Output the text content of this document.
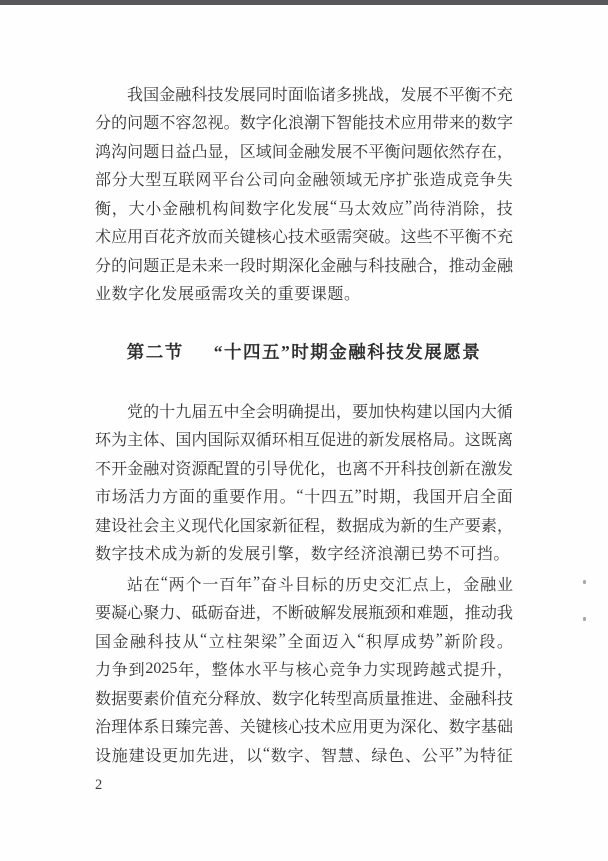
第二节 “十四五”时期金融科技发展愿景
我 国 金 融 科 技 发 展 同 时 面 临 诸 多 挑 战 ， 发 展 不 平 衡 不 充
分 的 问 题 不 容 忽 视 。 数 字 化 浪 潮 下 智 能 技 术 应 用 带 来 的 数 字
鸿 沟 问 题 日 益 凸 显 ， 区 域 间 金 融 发 展 不 平 衡 问 题 依 然 存 在 ，
部 分 大 型 互 联 网 平 台 公 司 向 金 融 领 域 无 序 扩 张 造 成 竞 争 失
衡 ， 大 小 金 融 机 构 间 数 字 化 发 展 “ 马 太 效 应 ” 尚 待 消 除 ， 技
术 应 用 百 花 齐 放 而 关 键 核 心 技 术 亟 需 突 破 。 这 些 不 平 衡 不 充
分 的 问 题 正 是 未 来 一 段 时 期 深 化 金 融 与 科 技 融 合 ， 推 动 金 融
业数字化发展亟需攻关的重要课题。
党 的 十 九 届 五 中 全 会 明 确 提 出 ， 要 加 快 构 建 以 国 内 大 循
环 为 主 体 、 国 内 国 际 双 循 环 相 互 促 进 的 新 发 展 格 局 。 这 既 离
不 开 金 融 对 资 源 配 置 的 引 导 优 化 ， 也 离 不 开 科 技 创 新 在 激 发
市 场 活 力 方 面 的 重 要 作 用 。 “ 十 四 五 ” 时 期 ， 我 国 开 启 全 面
建 设 社 会 主 义 现 代 化 国 家 新 征 程 ， 数 据 成 为 新 的 生 产 要 素 ，
数字技术成为新的发展引擎，数字经济浪潮已势不可挡。
站 在 “ 两 个 一 百 年 ” 奋 斗 目 标 的 历 史 交 汇 点 上 ， 金 融 业
要 凝 心 聚 力 、 砥 砺 奋 进 ， 不 断 破 解 发 展 瓶 颈 和 难 题 ， 推 动 我
国 金 融 科 技 从 “ 立 柱 架 梁 ” 全 面 迈 入 “ 积 厚 成 势 ” 新 阶 段 。
力 争 到 2025 年 ， 整 体 水 平 与 核 心 竞 争 力 实 现 跨 越 式 提 升 ，
数 据 要 素 价 值 充 分 释 放 、 数 字 化 转 型 高 质 量 推 进 、 金 融 科 技
治 理 体 系 日 臻 完 善 、 关 键 核 心 技 术 应 用 更 为 深 化 、 数 字 基 础
设 施 建 设 更 加 先 进 ， 以 “ 数 字 、 智 慧 、 绿 色 、 公 平 ” 为 特 征
2
